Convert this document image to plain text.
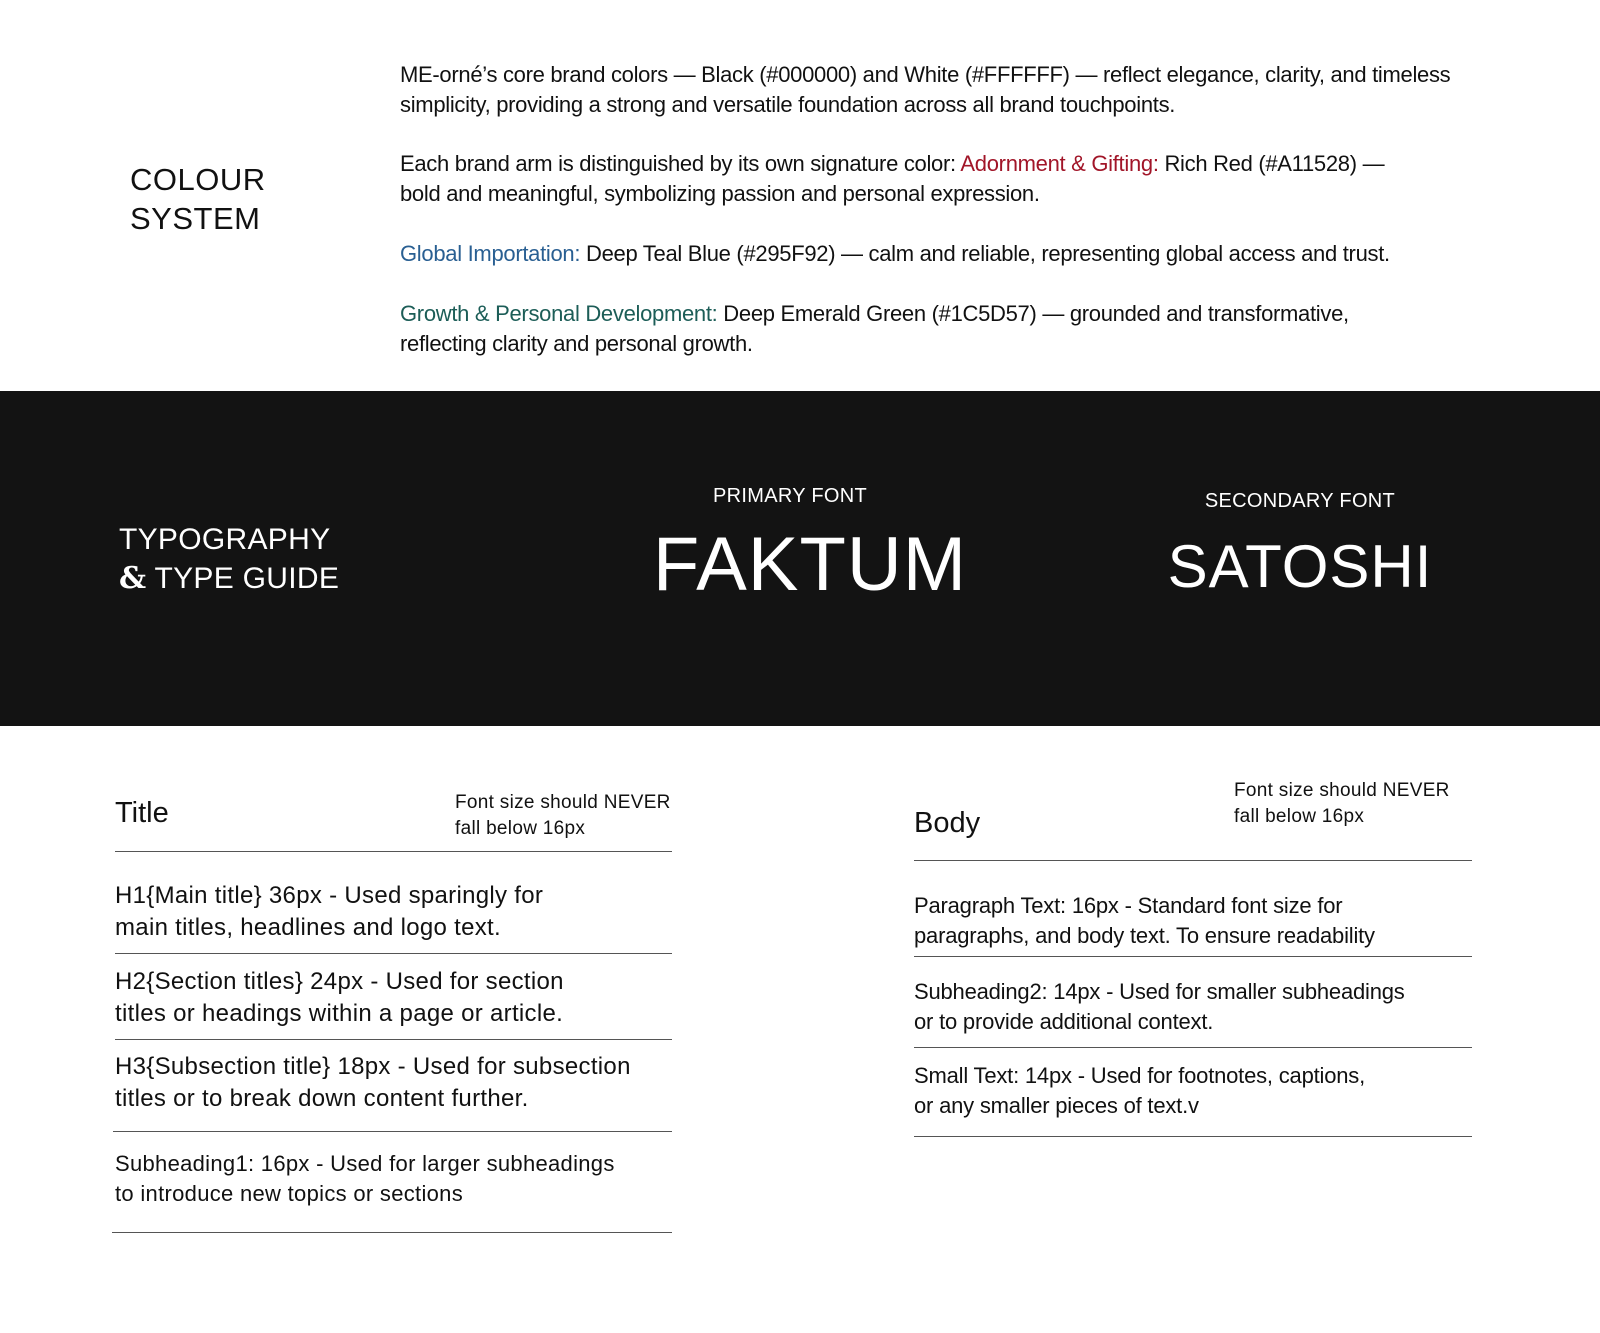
COLOUR
SYSTEM
ME-orné’s core brand colors — Black (#000000) and White (#FFFFFF) — reflect elegance, clarity, and timeless simplicity, providing a strong and versatile foundation across all brand touchpoints.
Each brand arm is distinguished by its own signature color: Adornment & Gifting: Rich Red (#A11528) — bold and meaningful, symbolizing passion and personal expression.
Global Importation: Deep Teal Blue (#295F92) — calm and reliable, representing global access and trust.
Growth & Personal Development: Deep Emerald Green (#1C5D57) — grounded and transformative, reflecting clarity and personal growth.
TYPOGRAPHY
& TYPE GUIDE
PRIMARY FONT
FAKTUM
SECONDARY FONT
SATOSHI
Title	Font size should NEVER
fall below 16px
H1{Main title} 36px - Used sparingly for
main titles, headlines and logo text.
H2{Section titles} 24px - Used for section
titles or headings within a page or article.
H3{Subsection title} 18px - Used for subsection
titles or to break down content further.
Subheading1: 16px - Used for larger subheadings
to introduce new topics or sections
Body
Font size should NEVER
fall below 16px
Paragraph Text: 16px - Standard font size for
paragraphs, and body text. To ensure readability
Subheading2: 14px - Used for smaller subheadings
or to provide additional context.
Small Text: 14px - Used for footnotes, captions,
or any smaller pieces of text.v
